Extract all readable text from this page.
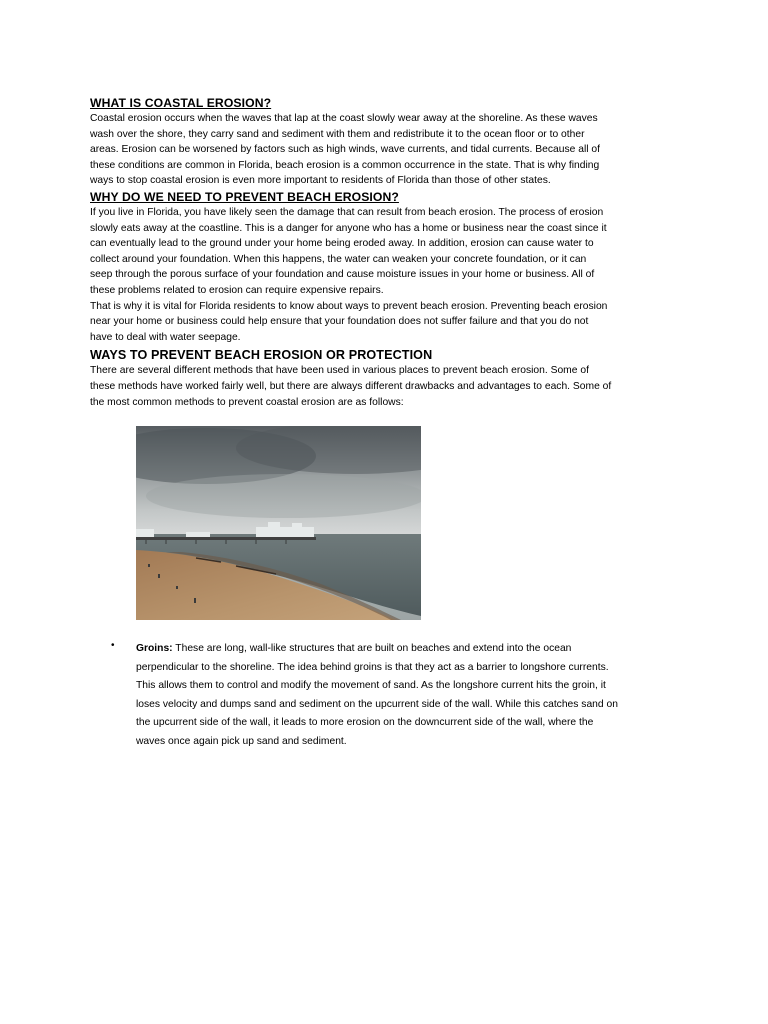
WHAT IS COASTAL EROSION?

Coastal erosion occurs when the waves that lap at the coast slowly wear away at the shoreline. As these waves
wash over the shore, they carry sand and sediment with them and redistribute it to the ocean floor or to other
areas. Erosion can be worsened by factors such as high winds, wave currents, and tidal currents. Because all of
these conditions are common in Florida, beach erosion is a common occurrence in the state. That is why finding
ways to stop coastal erosion is even more important to residents of Florida than those of other states.

WHY DO WE NEED TO PREVENT BEACH EROSION?

If you live in Florida, you have likely seen the damage that can result from beach erosion. The process of erosion
slowly eats away at the coastline. This is a danger for anyone who has a home or business near the coast since it
can eventually lead to the ground under your home being eroded away. In addition, erosion can cause water to
collect around your foundation. When this happens, the water can weaken your concrete foundation, or it can
seep through the porous surface of your foundation and cause moisture issues in your home or business. All of
these problems related to erosion can require expensive repairs.

That is why it is vital for Florida residents to know about ways to prevent beach erosion. Preventing beach erosion
near your home or business could help ensure that your foundation does not suffer failure and that you do not
have to deal with water seepage.

WAYS TO PREVENT BEACH EROSION OR PROTECTION

There are several different methods that have been used in various places to prevent beach erosion. Some of
these methods have worked fairly well, but there are always different drawbacks and advantages to each. Some of
the most common methods to prevent coastal erosion are as follows:

• Groins: These are long, wall-like structures that are built on beaches and extend into the ocean
perpendicular to the shoreline. The idea behind groins is that they act as a barrier to longshore currents.
This allows them to control and modify the movement of sand. As the longshore current hits the groin, it
loses velocity and dumps sand and sediment on the upcurrent side of the wall. While this catches sand on
the upcurrent side of the wall, it leads to more erosion on the downcurrent side of the wall, where the
waves once again pick up sand and sediment.
